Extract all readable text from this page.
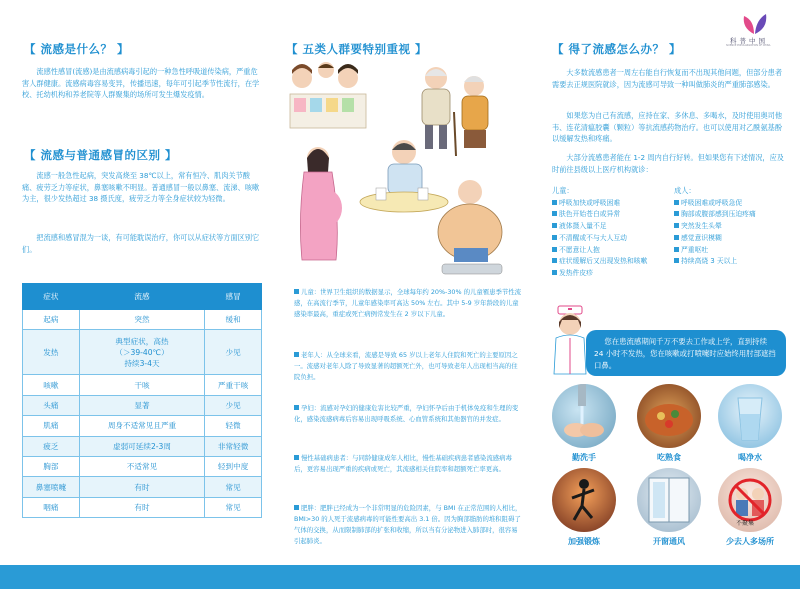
【 流感是什么？ 】
流感性感冒(流感)是由流感病毒引起的一种急性呼吸道传染病，严重危害人群健康。流感病毒容易变异，传播迅速，每年可引起季节性流行，在学校、托幼机构和养老院等人群聚集的场所可发生爆发疫情。
【 流感与普通感冒的区别 】
流感一般急性起病，突发高烧至 38℃以上，常有恒冷、肌肉关节酸痛、疲劳乏力等症状，鼻塞咳嗽不明显。普通感冒一般以鼻塞、流涕、咳嗽为主，很少发热超过 38 摄氏度，疲劳乏力等全身症状较为轻微。
把流感和感冒混为一谈，有可能耽误治疗，你可以从症状等方面区别它们。
症状	流感	感冒
起病	突然	缓和
发热	典型症状，高热
（＞39-40℃）
持续3-4天	少见
咳嗽	干咳	严重干咳
头痛	显著	少见
肌痛	周身不适常见且严重	轻微
疲乏	虚弱可延续2-3周	非常轻微
胸部	不适常见	轻到中度
鼻塞喷嚏	有时	常见
咽痛	有时	常见
【 五类人群要特别重视 】
儿童：世界卫生组织的数据显示，全球每年约 20%-30% 的儿童罹患季节性流感，在高流行季节，儿童年感染率可高达 50% 左右。其中 5-9 岁年龄段的儿童感染率最高，重症或死亡病例常发生在 2 岁以下儿童。
老年人：从全球来看，流感是导致 65 岁以上老年人住院和死亡的主要原因之一。流感对老年人除了导致显著的超额死亡外，也可导致老年人出现相当高的住院负担。
孕妇：流感对孕妇的健康危害比较严重，孕妇怀孕后由于机体免疫和生理的变化，感染流感病毒后容易出现呼吸系统、心血管系统和其他器官的并发症。
慢性基础病患者：与同龄健康成年人相比，慢性基础疾病患者感染流感病毒后，更容易出现严重的疾病或死亡，其流感相关住院率和超额死亡率更高。
肥胖：肥胖已经成为一个非常明显的危险因素，与 BMI 在正常范围的人相比，BMI>30 的人死于流感病毒的可能性要高出 3.1 倍。因为胸部脂肪的堆积阻碍了气体的交换，从而限制肺部的扩张和收缩，所以当有分泌物进入肺部时，很容易引起肺炎。
科普中国
SCIENCE POPULARIZATION OF CHINA
【 得了流感怎么办？ 】
大多数流感患者一周左右能自行恢复而不出现其他问题，但部分患者需要去正规医院就诊，因为流感可导致一种叫做肺炎的严重肺部感染。
如果您为自己有流感，应持在家、多休息、多喝水，及时使用奥司他韦、连花清瘟胶囊（颗粒）等抗流感药物治疗。也可以使用对乙酰氨基酚以缓解发热和疼痛。
大部分流感患者能在 1-2 周内自行好转。但如果您有下述情况，应及时前往县级以上医疗机构就诊：
儿童：
呼吸加快或呼吸困难
肤色开始苍白或异常
液体摄入量不足
不清醒或不与大人互动
不愿意让人抱
症状缓解后又出现发热和咳嗽
发热件皮疹
成人：
呼吸困难或呼吸急促
胸部或腹部感到压迫疼痛
突然发生头晕
感觉意识模糊
严重呕吐
持续高烧 3 天以上
您在患流感期间千万不要去工作或上学，直到持续 24 小时不发热，您在咳嗽或打喷嚏时应始终用肘部遮挡口鼻。
勤洗手	吃熟食	喝净水
加强锻炼	开窗通风
不聚集
少去人多场所
